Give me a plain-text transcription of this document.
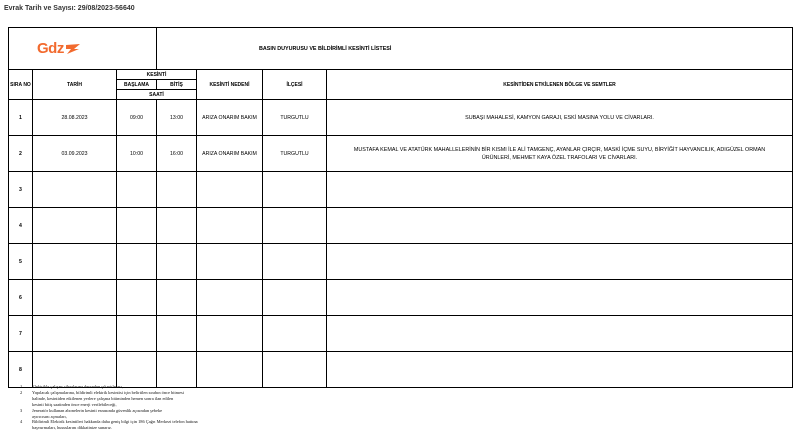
Evrak Tarih ve Sayısı: 29/08/2023-56640
Gdz			BASIN DUYURUSU VE BİLDİRİMLİ KESİNTİ LİSTESİ			
SIRA NO	TARİH	KESİNTİ		KESİNTİ NEDENİ	İLÇESİ	KESİNTİDEN ETKİLENEN BÖLGE VE SEMTLER
		BAŞLAMA	BİTİŞ			
		SAATİ				
1	28.08.2023	09:00	13:00	ARIZA ONARIM BAKIM	TURGUTLU	SUBAŞI MAHALESİ, KAMYON GARAJI, ESKİ MASINA YOLU VE CİVARLARI.
2	03.09.2023	10:00	16:00	ARIZA ONARIM BAKIM	TURGUTLU	MUSTAFA KEMAL VE ATATÜRK MAHALLELERİNİN BİR KISMI İLE ALİ TAMGENÇ, AYANLAR ÇIRÇIR, MASKİ İÇME SUYU, BİRYİĞİT HAYVANCILIK, ADIGÜZEL ORMAN ÜRÜNLERİ, MEHMET KAYA ÖZEL TRAFOLARI VE CİVARLARI.
3						
4						
5						
6						
7						
8						
1	Elektrikle çalışan cihazlarına devreden çıkartılması,
2	Yapılacak çalışmalarına, bildirimli elektrik kesintisi için belirtilen sırabın önce bitmesi
halinde, kesintiden etkilenen yerlere çalışma bitiminden hemen sonra ilan edilen
kesinti bitiş saatinden önce enerji verilebileceği,
3	Jeneratör kullanan abonelerin kesinti esnasında güvenlik açısından şebeke
ayırıcısını açmaları,
4	Bildirimli Elektrik kesintileri hakkında daha geniş bilgi için 186 Çağrı Merkezi telefon hattına
başvurmaları, hususlarını dikkatinize sunarız.
